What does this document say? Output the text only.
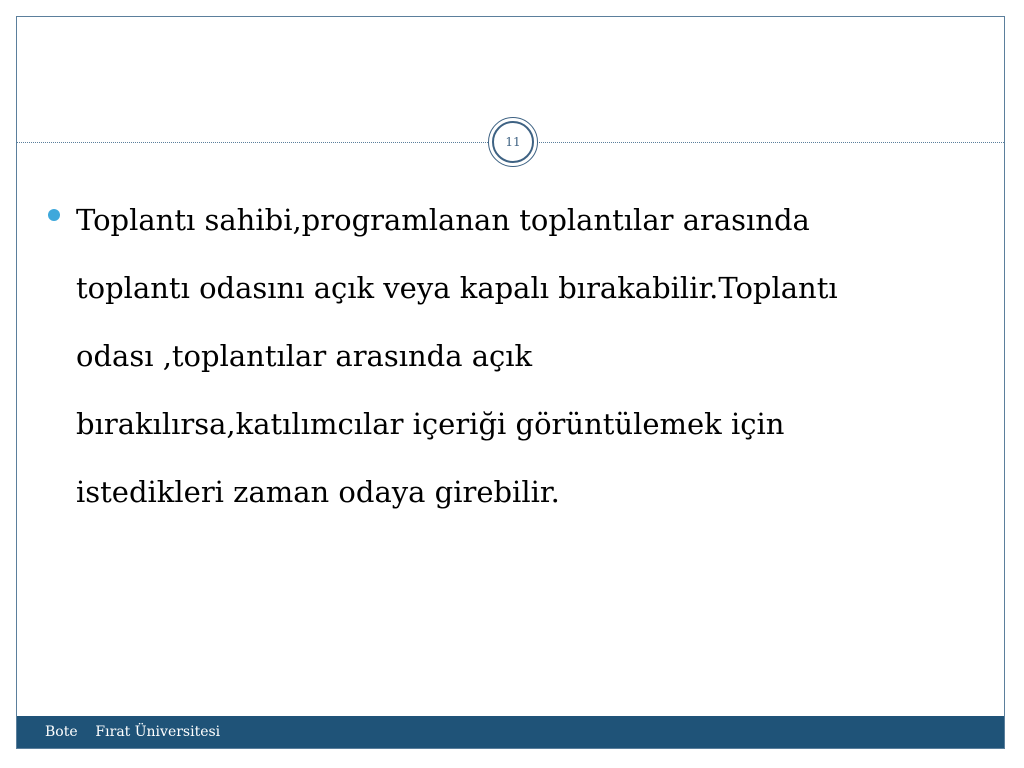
11
Toplantı sahibi,programlanan toplantılar arasında
toplantı odasını açık veya kapalı bırakabilir.Toplantı
odası ,toplantılar arasında açık
bırakılırsa,katılımcılar içeriği görüntülemek için
istedikleri zaman odaya girebilir.
Bote    Fırat Üniversitesi
